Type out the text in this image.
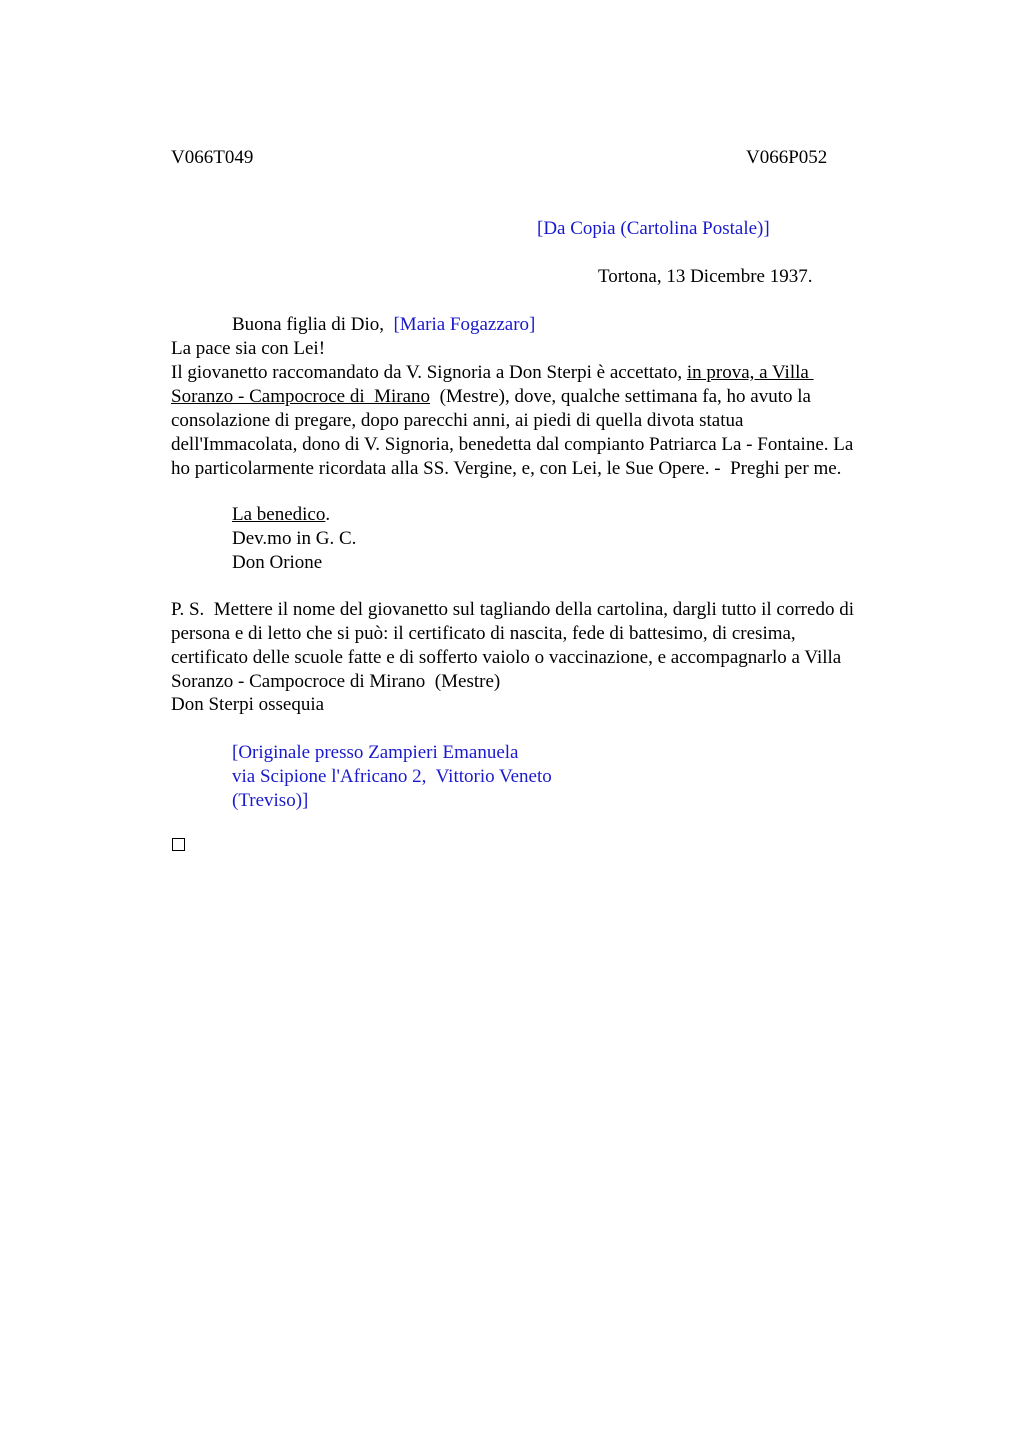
V066T049	V066P052
[Da Copia (Cartolina Postale)]
Tortona, 13 Dicembre 1937.
Buona figlia di Dio, [Maria Fogazzaro]
La pace sia con Lei!
Il giovanetto raccomandato da V. Signoria a Don Sterpi è accettato, in prova, a Villa
Soranzo - Campocroce di  Mirano  (Mestre), dove, qualche settimana fa, ho avuto la
consolazione di pregare, dopo parecchi anni, ai piedi di quella divota statua
dell'Immacolata, dono di V. Signoria, benedetta dal compianto Patriarca La - Fontaine. La
ho particolarmente ricordata alla SS. Vergine, e, con Lei, le Sue Opere. -  Preghi per me.
La benedico.
Dev.mo in G. C.
Don Orione
P. S.  Mettere il nome del giovanetto sul tagliando della cartolina, dargli tutto il corredo di
persona e di letto che si può: il certificato di nascita, fede di battesimo, di cresima,
certificato delle scuole fatte e di sofferto vaiolo o vaccinazione, e accompagnarlo a Villa
Soranzo - Campocroce di Mirano  (Mestre)
Don Sterpi ossequia
[Originale presso Zampieri Emanuela
via Scipione l'Africano 2,  Vittorio Veneto
(Treviso)]
